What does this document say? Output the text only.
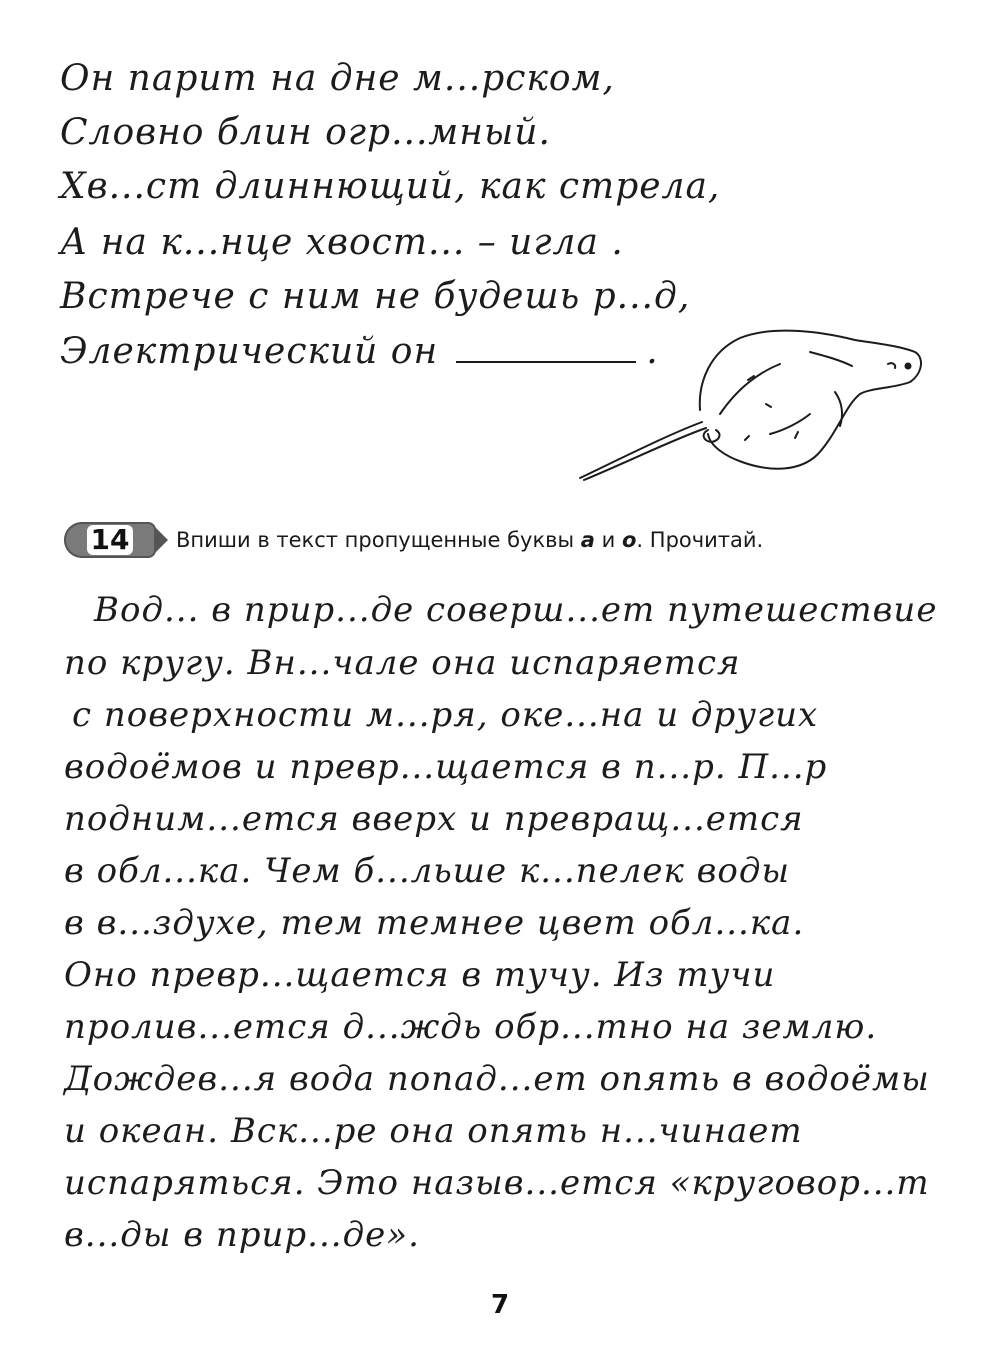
Он парит на дне м...рском,
Словно блин огр...мный.
Хв...ст длиннющий, как стрела,
А на к...нце хвост... – игла .
Встрече с ним не будешь р...д,
Электрический он	.
14 Впиши в текст пропущенные буквы а и о. Прочитай.
Вод... в прир...де соверш...ет путешествие
по кругу. Вн...чале она испаряется
с поверхности м...ря, оке...на и других
водоёмов и превр...щается в п...р. П...р
подним...ется вверх и превращ...ется
в обл...ка. Чем б...льше к...пелек воды
в в...здухе, тем темнее цвет обл...ка.
Оно превр...щается в тучу. Из тучи
пролив...ется д...ждь обр...тно на землю.
Дождев...я вода попад...ет опять в водоёмы
и океан. Вск...ре она опять н...чинает
испаряться. Это назыв...ется «круговор...т
в...ды в прир...де».
7
